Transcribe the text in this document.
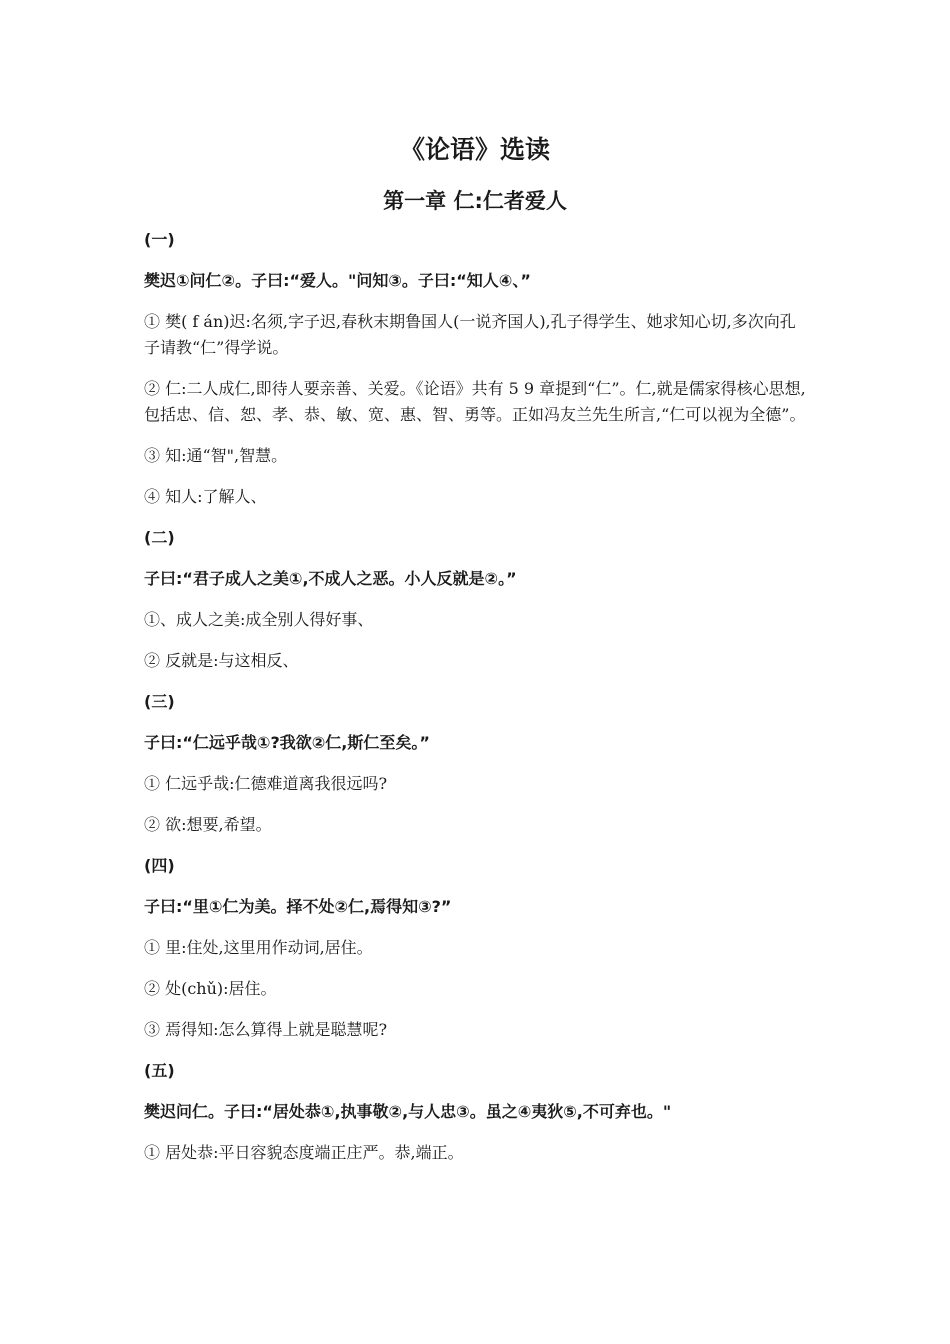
《论语》选读
第一章 仁:仁者爱人

(一)

樊迟①问仁②。子曰:“爱人。"问知③。子曰:“知人④、”

① 樊( f án)迟:名须,字子迟,春秋末期鲁国人(一说齐国人),孔子得学生、她求知心切,多次向孔子请教“仁”得学说。

② 仁:二人成仁,即待人要亲善、关爱。《论语》共有 5 9 章提到“仁”。仁,就是儒家得核心思想,包括忠、信、恕、孝、恭、敏、宽、惠、智、勇等。正如冯友兰先生所言,“仁可以视为全德”。

③ 知:通“智",智慧。

④ 知人:了解人、

(二)

子曰:“君子成人之美①,不成人之恶。小人反就是②。”

①、成人之美:成全别人得好事、

② 反就是:与这相反、

(三)

子曰:“仁远乎哉①?我欲②仁,斯仁至矣。”

① 仁远乎哉:仁德难道离我很远吗?

② 欲:想要,希望。

(四)

子曰:“里①仁为美。择不处②仁,焉得知③?”

① 里:住处,这里用作动词,居住。

② 处(chǔ):居住。

③ 焉得知:怎么算得上就是聪慧呢?

(五)

樊迟问仁。子曰:“居处恭①,执事敬②,与人忠③。虽之④夷狄⑤,不可弃也。"

① 居处恭:平日容貌态度端正庄严。恭,端正。
